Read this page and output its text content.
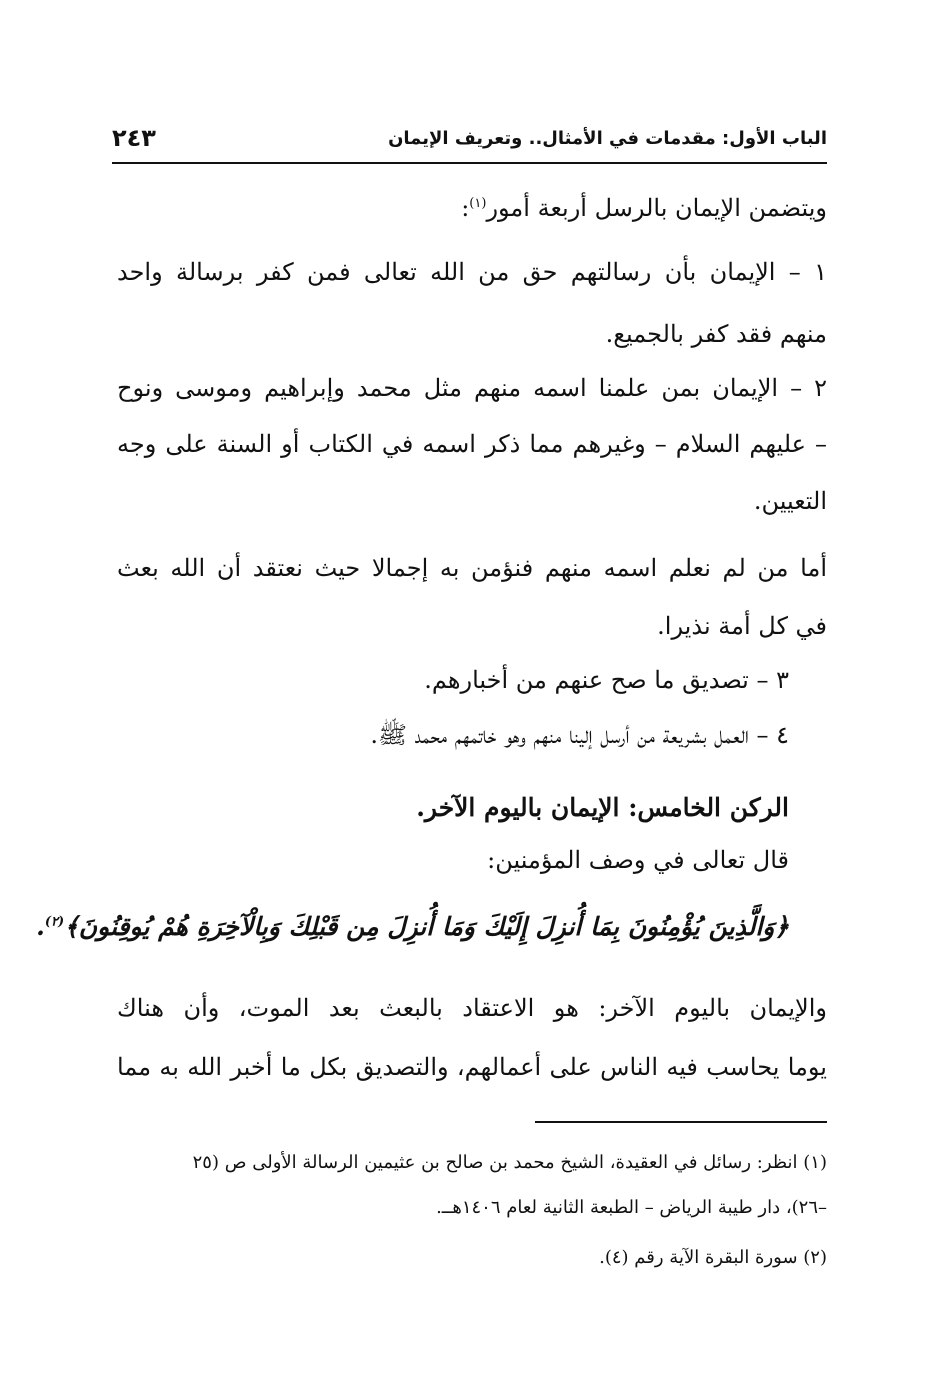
الباب الأول: مقدمات في الأمثال.. وتعريف الإيمان
٢٤٣
ويتضمن الإيمان بالرسل أربعة أمور$^{(١)}$:
١ – الإيمان بأن رسالتهم حق من الله تعالى فمن كفر برسالة واحد
منهم فقد كفر بالجميع.
٢ – الإيمان بمن علمنا اسمه منهم مثل محمد وإبراهيم وموسى ونوح
– عليهم السلام – وغيرهم مما ذكر اسمه في الكتاب أو السنة على وجه
التعيين.
أما من لم نعلم اسمه منهم فنؤمن به إجمالا حيث نعتقد أن الله بعث
في كل أمة نذيرا.
٣ – تصديق ما صح عنهم من أخبارهم.
٤ – العمل بشريعة من أرسل إلينا منهم وهو خاتمهم محمد ﷺ.
الركن الخامس: الإيمان باليوم الآخر.
قال تعالى في وصف المؤمنين:
﴿وَالَّذِينَ يُؤْمِنُونَ بِمَا أُنزِلَ إِلَيْكَ وَمَا أُنزِلَ مِن قَبْلِكَ وَبِالْآخِرَةِ هُمْ يُوقِنُونَ﴾$^{(٢)}$.
والإيمان باليوم الآخر: هو الاعتقاد بالبعث بعد الموت، وأن هناك
يوما يحاسب فيه الناس على أعمالهم، والتصديق بكل ما أخبر الله به مما
(١) انظر: رسائل في العقيدة، الشيخ محمد بن صالح بن عثيمين الرسالة الأولى ص (٢٥
–٢٦)، دار طيبة الرياض – الطبعة الثانية لعام ١٤٠٦هــ.
(٢) سورة البقرة الآية رقم (٤).
